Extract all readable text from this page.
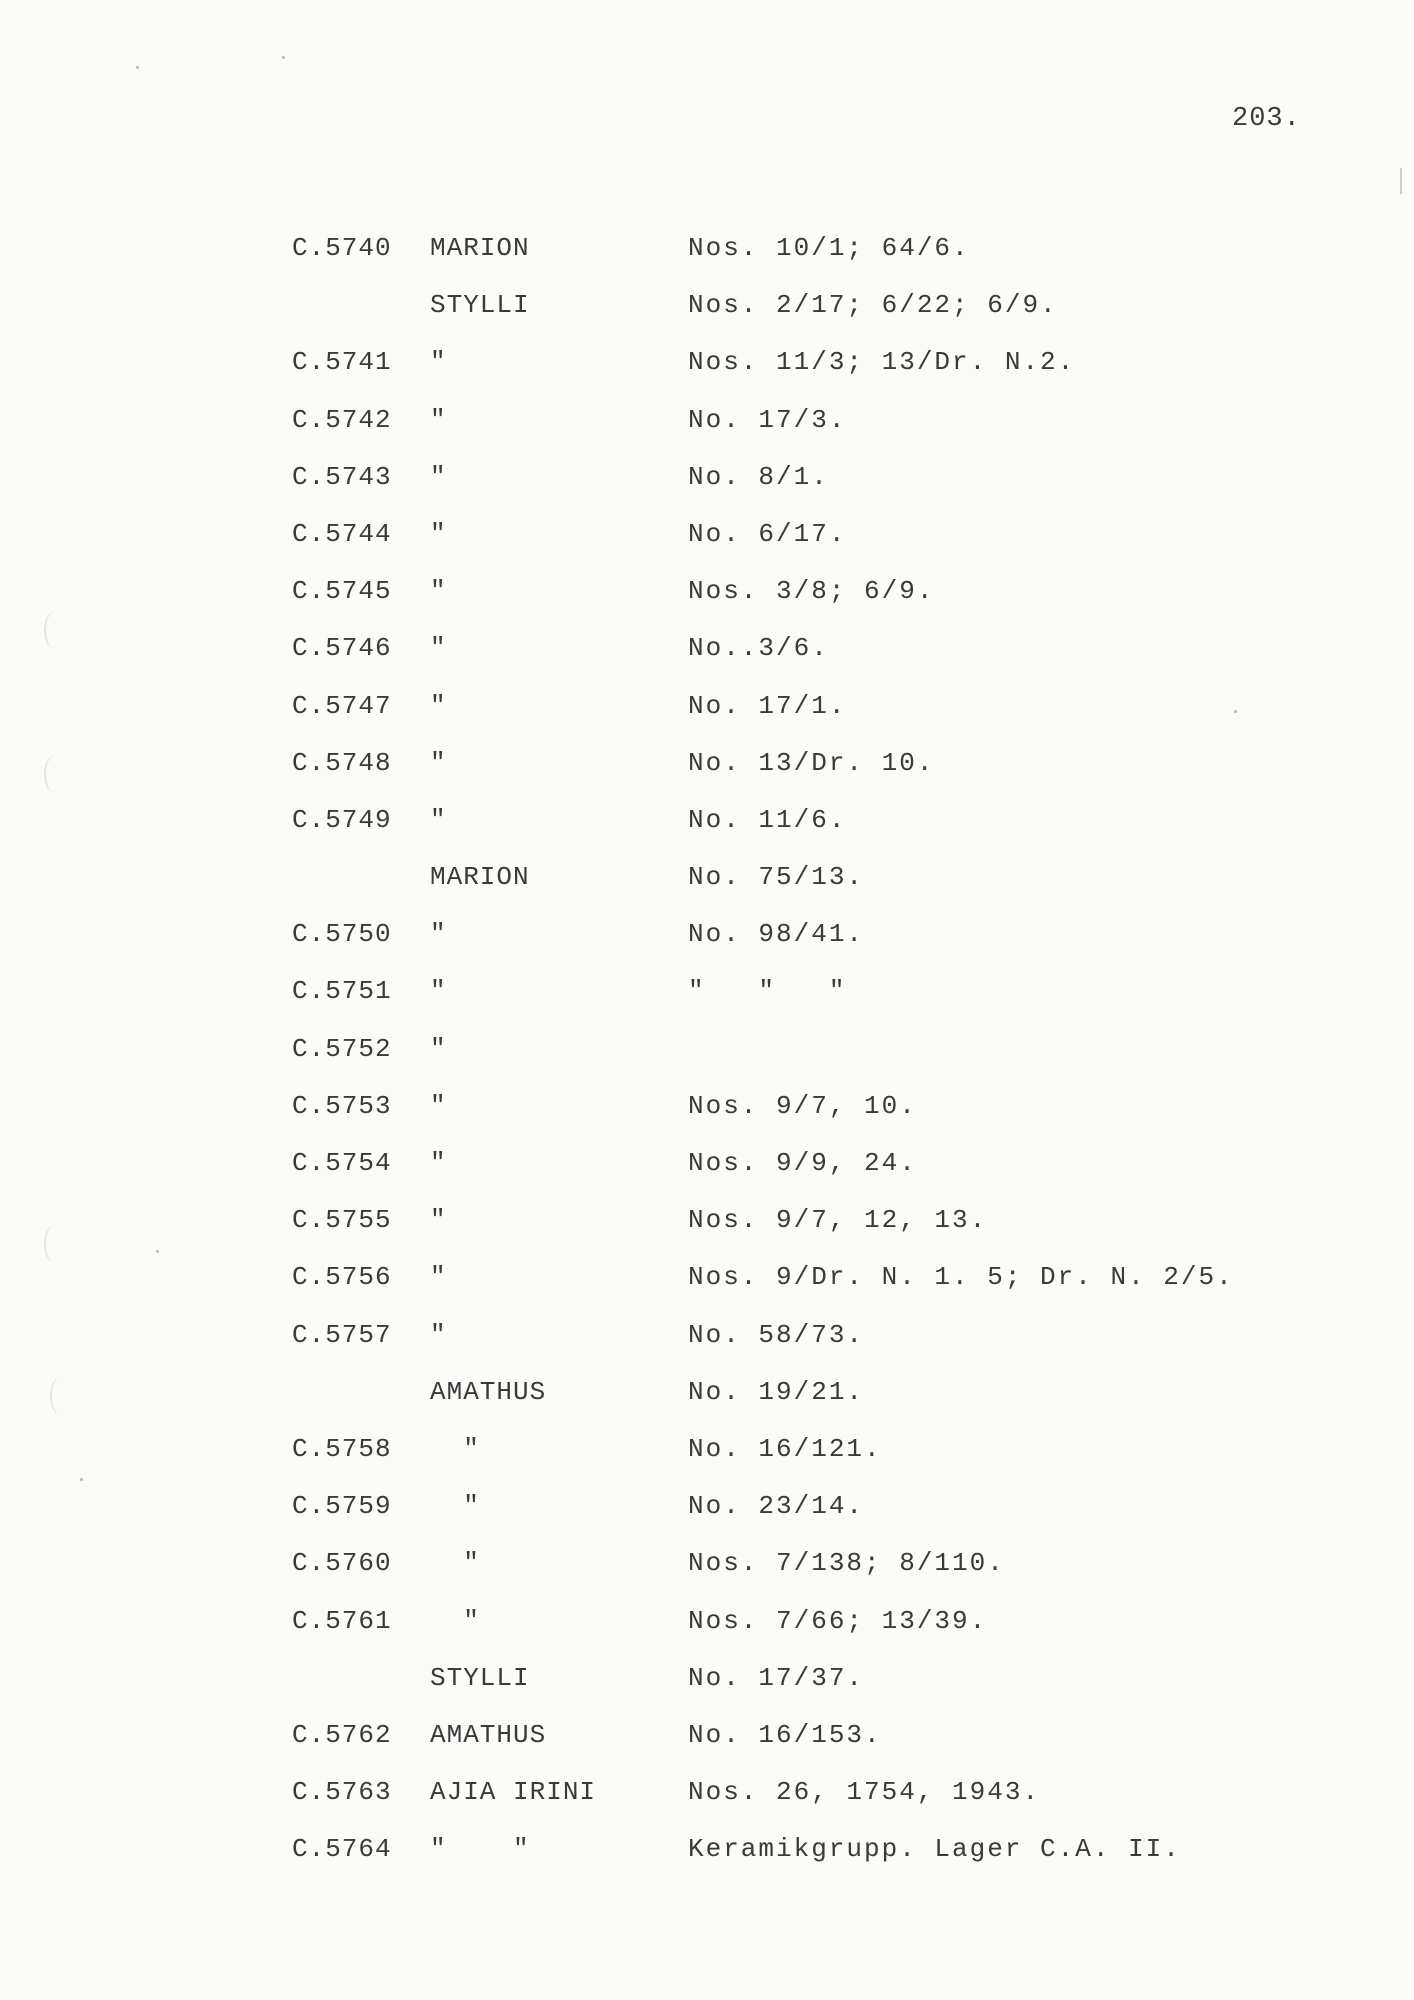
203.
C.5740 MARION	Nos. 10/1; 64/6.
STYLLI	Nos. 2/17; 6/22; 6/9.
C.5741 "	Nos. 11/3; 13/Dr. N.2.
C.5742 "	No. 17/3.
C.5743 "	No. 8/1.
C.5744 "	No. 6/17.
C.5745 "	Nos. 3/8; 6/9.
C.5746 "	No..3/6.
C.5747 "	No. 17/1.
C.5748 "	No. 13/Dr. 10.
C.5749 "	No. 11/6.
MARION	No. 75/13.
C.5750 "	No. 98/41.
C.5751 "	"   "   "
C.5752 "
C.5753 "	Nos. 9/7, 10.
C.5754 "	Nos. 9/9, 24.
C.5755 "	Nos. 9/7, 12, 13.
C.5756 "	Nos. 9/Dr. N. 1. 5; Dr. N. 2/5.
C.5757 "	No. 58/73.
AMATHUS	No. 19/21.
C.5758 "	No. 16/121.
C.5759 "	No. 23/14.
C.5760 "	Nos. 7/138; 8/110.
C.5761 "	Nos. 7/66; 13/39.
STYLLI	No. 17/37.
C.5762 AMATHUS	No. 16/153.
C.5763 AJIA IRINI	Nos. 26, 1754, 1943.
C.5764 "    "	Keramikgrupp. Lager C.A. II.
